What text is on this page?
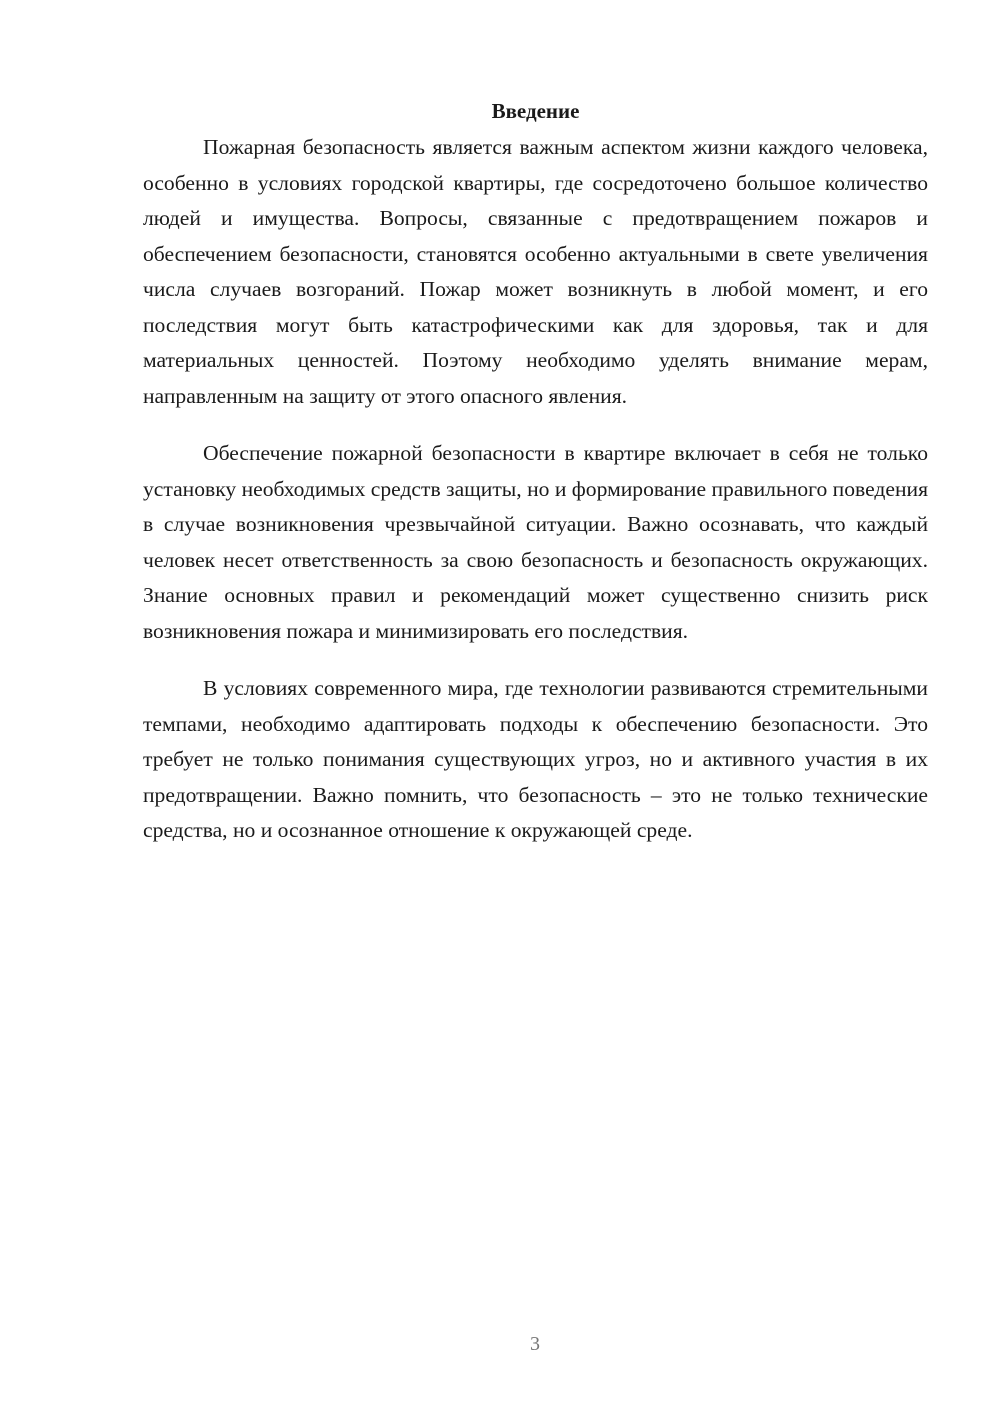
Введение

Пожарная безопасность является важным аспектом жизни каждого человека, особенно в условиях городской квартиры, где сосредоточено большое количество людей и имущества. Вопросы, связанные с предотвращением пожаров и обеспечением безопасности, становятся особенно актуальными в свете увеличения числа случаев возгораний. Пожар может возникнуть в любой момент, и его последствия могут быть катастрофическими как для здоровья, так и для материальных ценностей. Поэтому необходимо уделять внимание мерам, направленным на защиту от этого опасного явления.

Обеспечение пожарной безопасности в квартире включает в себя не только установку необходимых средств защиты, но и формирование правильного поведения в случае возникновения чрезвычайной ситуации. Важно осознавать, что каждый человек несет ответственность за свою безопасность и безопасность окружающих. Знание основных правил и рекомендаций может существенно снизить риск возникновения пожара и минимизировать его последствия.

В условиях современного мира, где технологии развиваются стремительными темпами, необходимо адаптировать подходы к обеспечению безопасности. Это требует не только понимания существующих угроз, но и активного участия в их предотвращении. Важно помнить, что безопасность – это не только технические средства, но и осознанное отношение к окружающей среде.

3
